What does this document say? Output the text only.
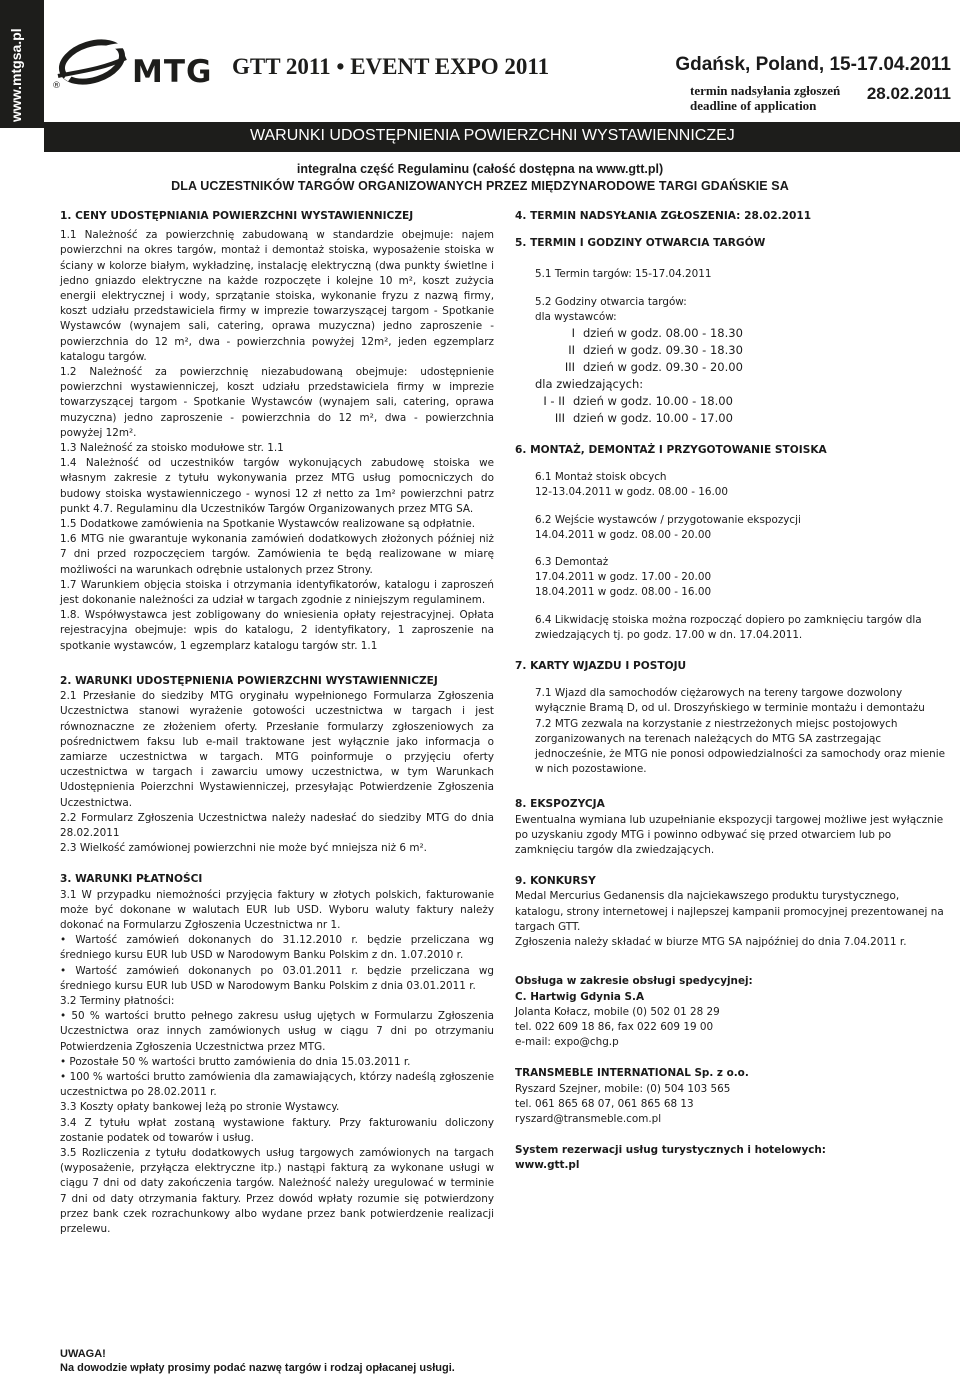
www.mtgsa.pl	® MTG GTT 2011 • EVENT EXPO 2011	Gdańsk, Poland, 15-17.04.2011
termin nadsyłania zgłoszeń
deadline of application
28.02.2011
WARUNKI UDOSTĘPNIENIA POWIERZCHNI WYSTAWIENNICZEJ
integralna część Regulaminu (całość dostępna na www.gtt.pl)
DLA UCZESTNIKÓW TARGÓW ORGANIZOWANYCH PRZEZ MIĘDZYNARODOWE TARGI GDAŃSKIE SA

1. CENY UDOSTĘPNIANIA POWIERZCHNI WYSTAWIENNICZEJ

1.1 Należność za powierzchnię zabudowaną w standardzie obejmuje: najem powierzchni na okres targów, montaż i demontaż stoiska, wyposażenie stoiska w ściany w kolorze białym, wykładzinę, instalację elektryczną (dwa punkty świetlne i jedno gniazdo elektryczne na każde rozpoczęte i kolejne 10 m², koszt zużycia energii elektrycznej i wody, sprzątanie stoiska, wykonanie fryzu z nazwą firmy, koszt udziału przedstawiciela firmy w imprezie towarzyszącej targom - Spotkanie Wystawców (wynajem sali, catering, oprawa muzyczna) jedno zaproszenie - powierzchnia do 12 m², dwa - powierzchnia powyżej 12m², jeden egzemplarz katalogu targów.

1.2 Należność za powierzchnię niezabudowaną obejmuje: udostępnienie powierzchni wystawienniczej, koszt udziału przedstawiciela firmy w imprezie towarzyszącej targom - Spotkanie Wystawców (wynajem sali, catering, oprawa muzyczna) jedno zaproszenie - powierzchnia do 12 m², dwa - powierzchnia powyżej 12m².

1.3 Należność za stoisko modułowe str. 1.1

1.4 Należność od uczestników targów wykonujących zabudowę stoiska we własnym zakresie z tytułu wykonywania przez MTG usług pomocniczych do budowy stoiska wystawienniczego - wynosi 12 zł netto za 1m² powierzchni patrz punkt 4.7. Regulaminu dla Uczestników Targów Organizowanych przez MTG SA.

1.5 Dodatkowe zamówienia na Spotkanie Wystawców realizowane są odpłatnie.

1.6 MTG nie gwarantuje wykonania zamówień dodatkowych złożonych później niż 7 dni przed rozpoczęciem targów. Zamówienia te będą realizowane w miarę możliwości na warunkach odrębnie ustalonych przez Strony.

1.7 Warunkiem objęcia stoiska i otrzymania identyfikatorów, katalogu i zaproszeń jest dokonanie należności za udział w targach zgodnie z niniejszym regulaminem.

1.8. Współwystawca jest zobligowany do wniesienia opłaty rejestracyjnej. Opłata rejestracyjna obejmuje: wpis do katalogu, 2 identyfikatory, 1 zaproszenie na spotkanie wystawców, 1 egzemplarz katalogu targów str. 1.1

2. WARUNKI UDOSTĘPNIENIA POWIERZCHNI WYSTAWIENNICZEJ

2.1 Przesłanie do siedziby MTG oryginału wypełnionego Formularza Zgłoszenia Uczestnictwa stanowi wyrażenie gotowości uczestnictwa w targach i jest równoznaczne ze złożeniem oferty. Przesłanie formularzy zgłoszeniowych za pośrednictwem faksu lub e-mail traktowane jest wyłącznie jako informacja o zamiarze uczestnictwa w targach. MTG poinformuje o przyjęciu oferty uczestnictwa w targach i zawarciu umowy uczestnictwa, w tym Warunkach Udostępnienia Poierzchni Wystawienniczej, przesyłając Potwierdzenie Zgłoszenia Uczestnictwa.

2.2 Formularz Zgłoszenia Uczestnictwa należy nadesłać do siedziby MTG do dnia 28.02.2011

2.3 Wielkość zamówionej powierzchni nie może być mniejsza niż 6 m².

3. WARUNKI PŁATNOŚCI

3.1 W przypadku niemożności przyjęcia faktury w złotych polskich, fakturowanie może być dokonane w walutach EUR lub USD. Wyboru waluty faktury należy dokonać na Formularzu Zgłoszenia Uczestnictwa nr 1.

• Wartość zamówień dokonanych do 31.12.2010 r. będzie przeliczana wg średniego kursu EUR lub USD w Narodowym Banku Polskim z dn. 1.07.2010 r.

• Wartość zamówień dokonanych po 03.01.2011 r. będzie przeliczana wg średniego kursu EUR lub USD w Narodowym Banku Polskim z dnia 03.01.2011 r.

3.2 Terminy płatności:

• 50 % wartości brutto pełnego zakresu usług ujętych w Formularzu Zgłoszenia Uczestnictwa oraz innych zamówionych usług w ciągu 7 dni po otrzymaniu Potwierdzenia Zgłoszenia Uczestnictwa przez MTG.

• Pozostałe 50 % wartości brutto zamówienia do dnia 15.03.2011 r.

• 100 % wartości brutto zamówienia dla zamawiających, którzy nadeślą zgłoszenie uczestnictwa po 28.02.2011 r.

3.3 Koszty opłaty bankowej leżą po stronie Wystawcy.

3.4 Z tytułu wpłat zostaną wystawione faktury. Przy fakturowaniu doliczony zostanie podatek od towarów i usług.

3.5 Rozliczenia z tytułu dodatkowych usług targowych zamówionych na targach (wyposażenie, przyłącza elektryczne itp.) nastąpi fakturą za wykonane usługi w ciągu 7 dni od daty zakończenia targów. Należność należy uregulować w terminie 7 dni od daty otrzymania faktury. Przez dowód wpłaty rozumie się potwierdzony przez bank czek rozrachunkowy albo wydane przez bank potwierdzenie realizacji przelewu.

4. TERMIN NADSYŁANIA ZGŁOSZENIA: 28.02.2011

5. TERMIN I GODZINY OTWARCIA TARGÓW

5.1 Termin targów: 15-17.04.2011

5.2 Godziny otwarcia targów:

dla wystawców:

I dzień w godz. 08.00 - 18.30
II dzień w godz. 09.30 - 18.30
III dzień w godz. 09.30 - 20.00

dla zwiedzających:

I - II dzień w godz. 10.00 - 18.00
III dzień w godz. 10.00 - 17.00

6. MONTAŻ, DEMONTAŻ I PRZYGOTOWANIE STOISKA

6.1 Montaż stoisk obcych

12-13.04.2011 w godz. 08.00 - 16.00

6.2 Wejście wystawców / przygotowanie ekspozycji

14.04.2011 w godz. 08.00 - 20.00

6.3 Demontaż

17.04.2011 w godz. 17.00 - 20.00

18.04.2011 w godz. 08.00 - 16.00

6.4 Likwidację stoiska można rozpocząć dopiero po zamknięciu targów dla zwiedzających tj. po godz. 17.00 w dn. 17.04.2011.

7. KARTY WJAZDU I POSTOJU

7.1 Wjazd dla samochodów ciężarowych na tereny targowe dozwolony wyłącznie Bramą D, od ul. Droszyńskiego w terminie montażu i demontażu

7.2 MTG zezwala na korzystanie z niestrzeżonych miejsc postojowych zorganizowanych na terenach należących do MTG SA zastrzegając jednocześnie, że MTG nie ponosi odpowiedzialności za samochody oraz mienie w nich pozostawione.

8. EKSPOZYCJA

Ewentualna wymiana lub uzupełnianie ekspozycji targowej możliwe jest wyłącznie po uzyskaniu zgody MTG i powinno odbywać się przed otwarciem lub po zamknięciu targów dla zwiedzających.

9. KONKURSY

Medal Mercurius Gedanensis dla najciekawszego produktu turystycznego, katalogu, strony internetowej i najlepszej kampanii promocyjnej prezentowanej na targach GTT.

Zgłoszenia należy składać w biurze MTG SA najpóźniej do dnia 7.04.2011 r.

Obsługa w zakresie obsługi spedycyjnej:

C. Hartwig Gdynia S.A

Jolanta Kołacz, mobile (0) 502 01 28 29

tel. 022 609 18 86, fax 022 609 19 00

e-mail: expo@chg.p

TRANSMEBLE INTERNATIONAL Sp. z o.o.

Ryszard Szejner, mobile: (0) 504 103 565

tel. 061 865 68 07, 061 865 68 13

ryszard@transmeble.com.pl

System rezerwacji usług turystycznych i hotelowych:

www.gtt.pl

UWAGA!
Na dowodzie wpłaty prosimy podać nazwę targów i rodzaj opłacanej usługi.
